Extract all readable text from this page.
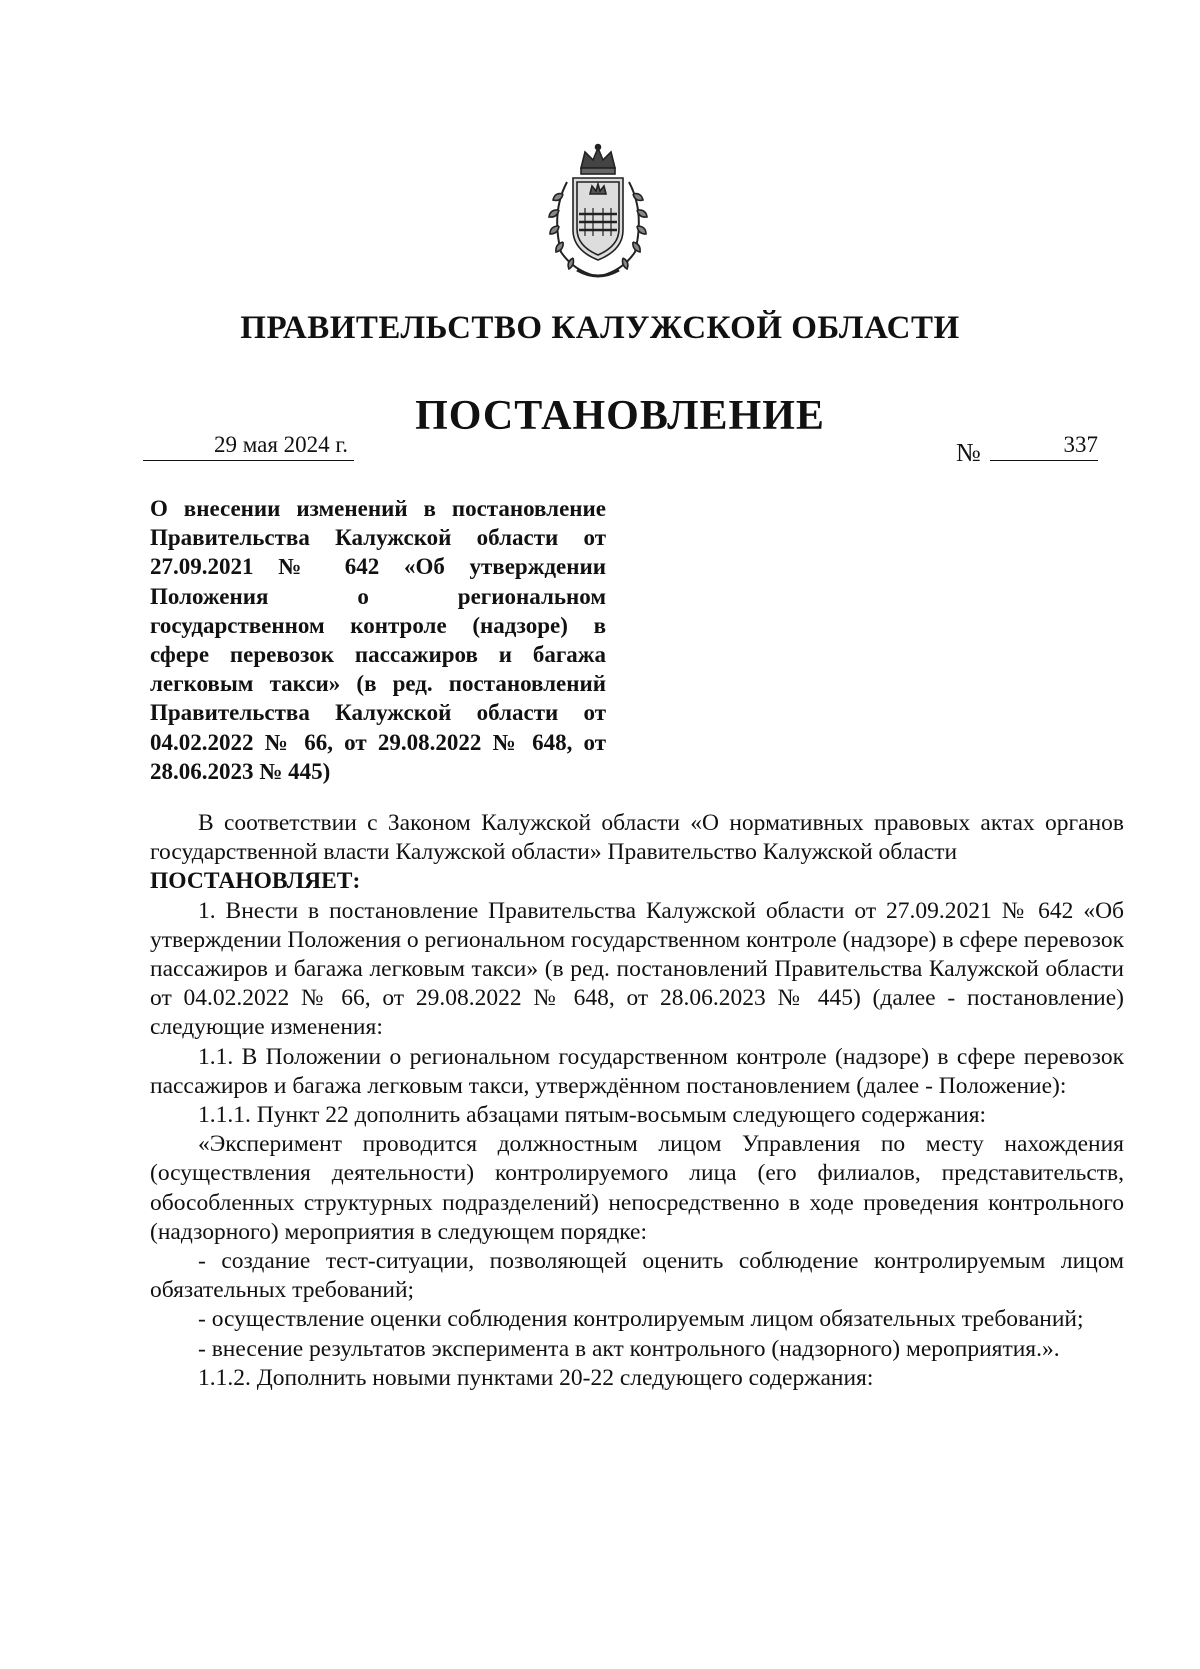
ПРАВИТЕЛЬСТВО КАЛУЖСКОЙ ОБЛАСТИ
ПОСТАНОВЛЕНИЕ
29 мая 2024 г.	№	337
О внесении изменений в постановление Правительства Калужской области от 27.09.2021 № 642 «Об утверждении Положения о региональном государственном контроле (надзоре) в сфере перевозок пассажиров и багажа легковым такси» (в ред. постановлений Правительства Калужской области от 04.02.2022 № 66, от 29.08.2022 № 648, от 28.06.2023 № 445)

В соответствии с Законом Калужской области «О нормативных правовых актах органов государственной власти Калужской области» Правительство Калужской области

ПОСТАНОВЛЯЕТ:

1. Внести в постановление Правительства Калужской области от 27.09.2021 № 642 «Об утверждении Положения о региональном государственном контроле (надзоре) в сфере перевозок пассажиров и багажа легковым такси» (в ред. постановлений Правительства Калужской области от 04.02.2022 № 66, от 29.08.2022 № 648, от 28.06.2023 № 445) (далее - постановление) следующие изменения:

1.1. В Положении о региональном государственном контроле (надзоре) в сфере перевозок пассажиров и багажа легковым такси, утверждённом постановлением (далее - Положение):

1.1.1. Пункт 22 дополнить абзацами пятым-восьмым следующего содержания:

«Эксперимент проводится должностным лицом Управления по месту нахождения (осуществления деятельности) контролируемого лица (его филиалов, представительств, обособленных структурных подразделений) непосредственно в ходе проведения контрольного (надзорного) мероприятия в следующем порядке:

- создание тест-ситуации, позволяющей оценить соблюдение контролируемым лицом обязательных требований;

- осуществление оценки соблюдения контролируемым лицом обязательных требований;

- внесение результатов эксперимента в акт контрольного (надзорного) мероприятия.».

1.1.2. Дополнить новыми пунктами 20-22 следующего содержания:
